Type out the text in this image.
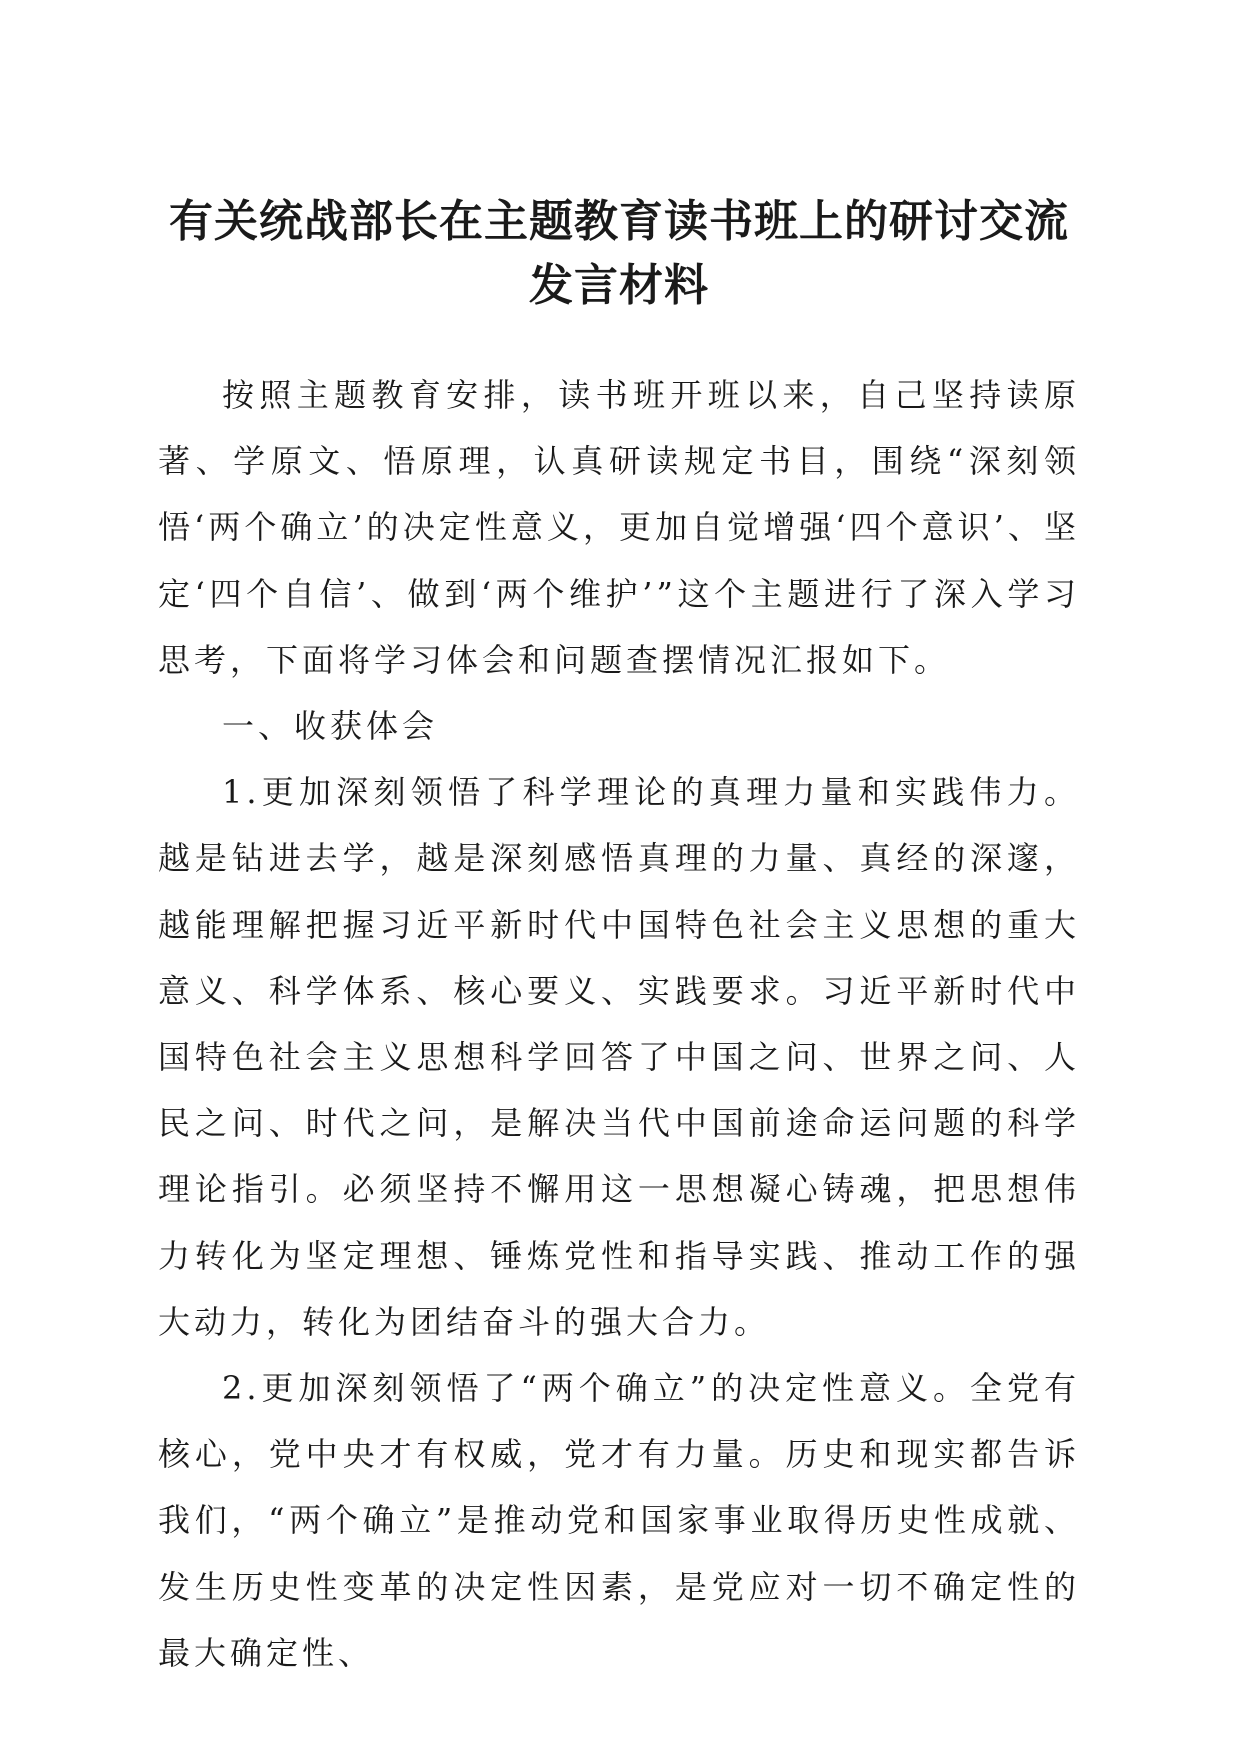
有关统战部长在主题教育读书班上的研讨交流发言材料

按照主题教育安排，读书班开班以来，自己坚持读原著、学原文、悟原理，认真研读规定书目，围绕“深刻领悟‘两个确立’的决定性意义，更加自觉增强‘四个意识’、坚定‘四个自信’、做到‘两个维护’”这个主题进行了深入学习思考，下面将学习体会和问题查摆情况汇报如下。

一、收获体会

1.更加深刻领悟了科学理论的真理力量和实践伟力。越是钻进去学，越是深刻感悟真理的力量、真经的深邃，越能理解把握习近平新时代中国特色社会主义思想的重大意义、科学体系、核心要义、实践要求。习近平新时代中国特色社会主义思想科学回答了中国之问、世界之问、人民之问、时代之问，是解决当代中国前途命运问题的科学理论指引。必须坚持不懈用这一思想凝心铸魂，把思想伟力转化为坚定理想、锤炼党性和指导实践、推动工作的强大动力，转化为团结奋斗的强大合力。

2.更加深刻领悟了“两个确立”的决定性意义。全党有核心，党中央才有权威，党才有力量。历史和现实都告诉我们，“两个确立”是推动党和国家事业取得历史性成就、发生历史性变革的决定性因素，是党应对一切不确定性的最大确定性、
